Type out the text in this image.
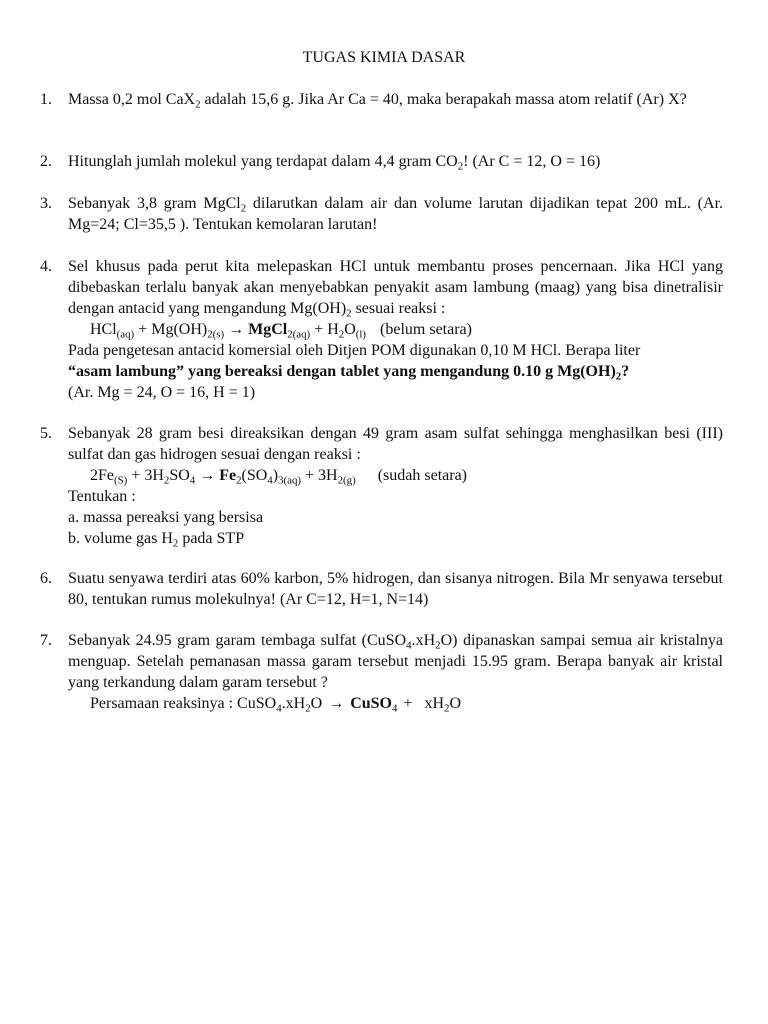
TUGAS KIMIA DASAR
1.	Massa 0,2 mol CaX$_2$ adalah 15,6 g. Jika Ar Ca = 40, maka berapakah massa atom relatif (Ar) X?
2.	Hitunglah jumlah molekul yang terdapat dalam 4,4 gram $CO_2$! (Ar C = 12, O = 16)
3.	Sebanyak 3,8 gram MgCl$_2$ dilarutkan dalam air dan volume larutan dijadikan tepat 200 mL. (Ar. Mg=24; Cl=35,5 ). Tentukan kemolaran larutan!
4.	Sel khusus pada perut kita melepaskan HCl untuk membantu proses pencernaan. Jika HCl yang dibebaskan terlalu banyak akan menyebabkan penyakit asam lambung (maag) yang bisa dinetralisir dengan antacid yang mengandung $Mg(OH)_2$ sesuai reaksi :
$HCl_{(aq)} + Mg(OH)_{2(s)}$ → MgCl$_{2(aq)}$ + $H_2O_{(l)}$ (belum setara)
Pada pengetesan antacid komersial oleh Ditjen POM digunakan 0,10 M HCl. Berapa liter
“asam lambung” yang bereaksi dengan tablet yang mengandung 0.10 g $Mg(OH)_2$?
(Ar. Mg = 24, O = 16, H = 1)
5.	Sebanyak 28 gram besi direaksikan dengan 49 gram asam sulfat sehingga menghasilkan besi (III) sulfat dan gas hidrogen sesuai dengan reaksi :
$2Fe_{(S)} + 3H_2SO_4 \to Fe_2(SO_4)_{3(aq)} + 3H_{2(g)}$ (sudah setara)
Tentukan :
a. massa pereaksi yang bersisa
b. volume gas $H_2$ pada STP
6.	Suatu senyawa terdiri atas 60% karbon, 5% hidrogen, dan sisanya nitrogen. Bila Mr senyawa tersebut 80, tentukan rumus molekulnya! (Ar C=12, H=1, N=14)
7.	Sebanyak 24.95 gram garam tembaga sulfat $(CuSO_4.xH_2O)$ dipanaskan sampai semua air kristalnya menguap. Setelah pemanasan massa garam tersebut menjadi 15.95 gram. Berapa banyak air kristal yang terkandung dalam garam tersebut ?
Persamaan reaksinya : $CuSO_4.xH_2O$ → CuSO$_4$ + $xH_2O$
